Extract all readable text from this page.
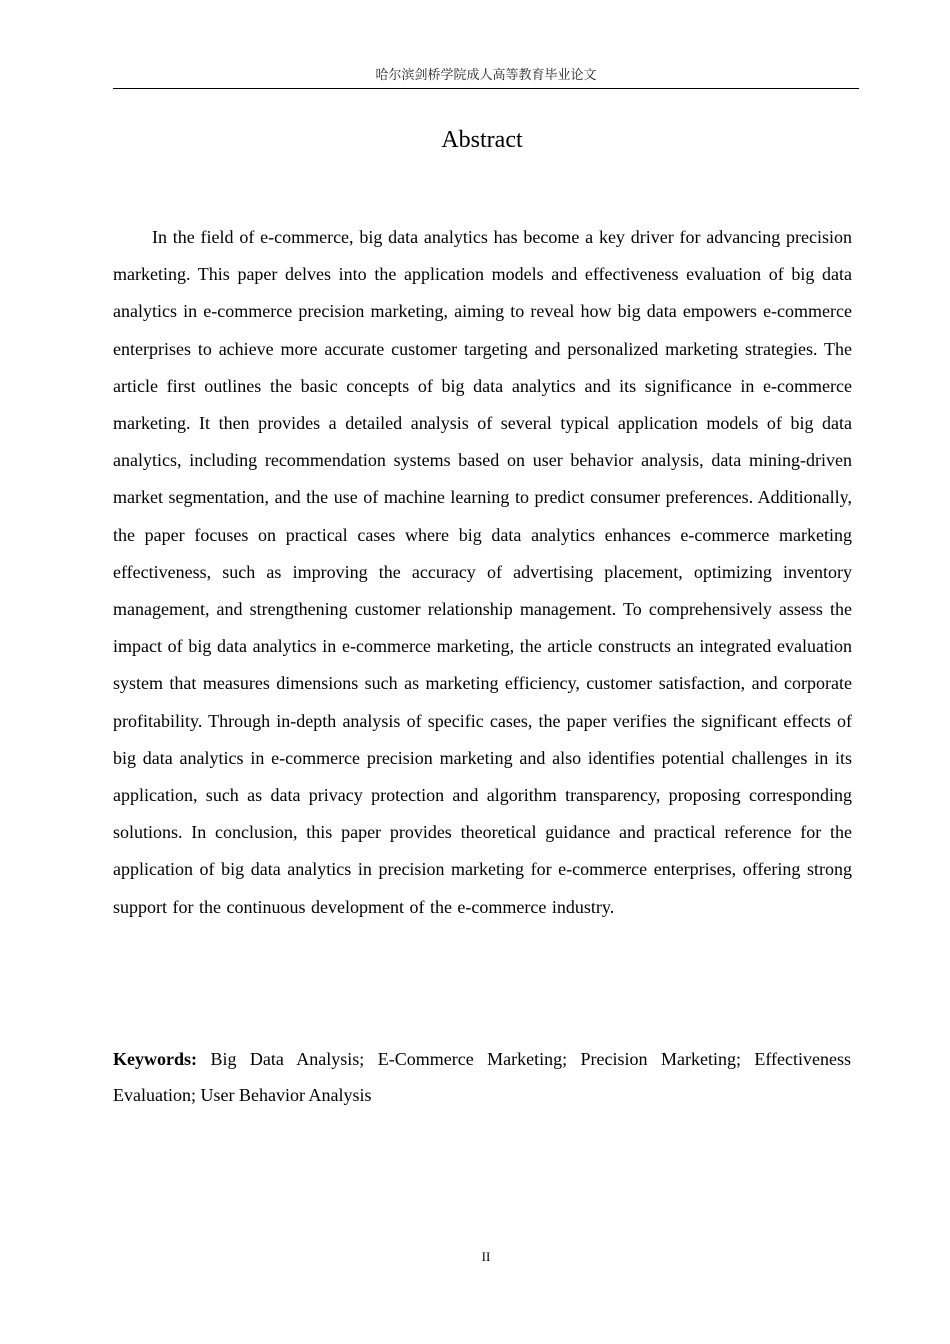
哈尔滨剑桥学院成人高等教育毕业论文
Abstract

In the field of e-commerce, big data analytics has become a key driver for advancing precision marketing. This paper delves into the application models and effectiveness evaluation of big data analytics in e-commerce precision marketing, aiming to reveal how big data empowers e-commerce enterprises to achieve more accurate customer targeting and personalized marketing strategies. The article first outlines the basic concepts of big data analytics and its significance in e-commerce marketing. It then provides a detailed analysis of several typical application models of big data analytics, including recommendation systems based on user behavior analysis, data mining-driven market segmentation, and the use of machine learning to predict consumer preferences. Additionally, the paper focuses on practical cases where big data analytics enhances e-commerce marketing effectiveness, such as improving the accuracy of advertising placement, optimizing inventory management, and strengthening customer relationship management. To comprehensively assess the impact of big data analytics in e-commerce marketing, the article constructs an integrated evaluation system that measures dimensions such as marketing efficiency, customer satisfaction, and corporate profitability. Through in-depth analysis of specific cases, the paper verifies the significant effects of big data analytics in e-commerce precision marketing and also identifies potential challenges in its application, such as data privacy protection and algorithm transparency, proposing corresponding solutions. In conclusion, this paper provides theoretical guidance and practical reference for the application of big data analytics in precision marketing for e-commerce enterprises, offering strong support for the continuous development of the e-commerce industry.

Keywords: Big Data Analysis; E-Commerce Marketing; Precision Marketing; Effectiveness Evaluation; User Behavior Analysis

II
